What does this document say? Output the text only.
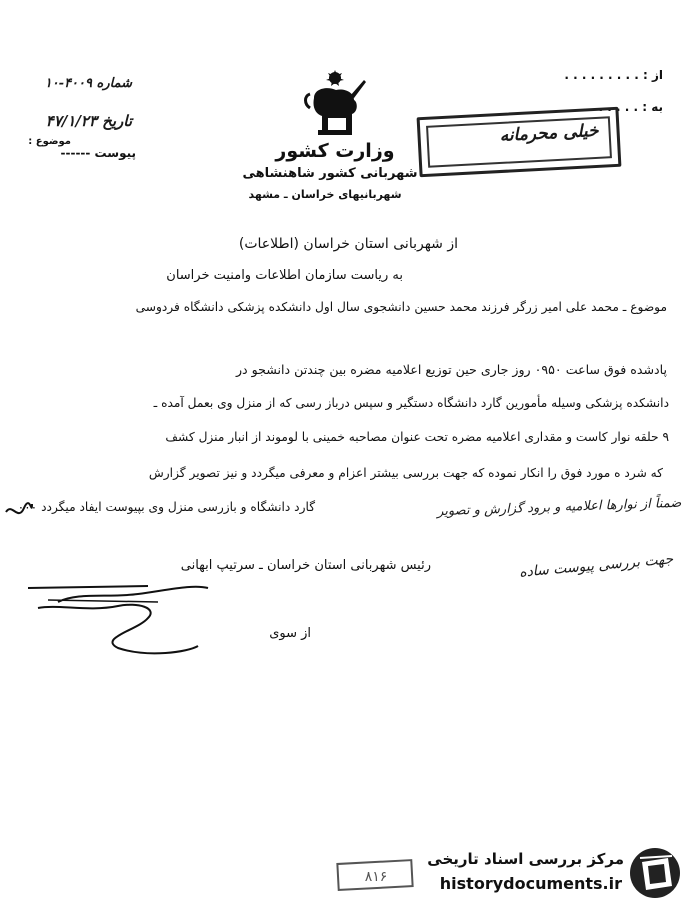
از : . . . . . . . . .
به : . . . . .
موضوع :
شماره ۴۰۰۹-۱۰
تاریخ ۴۷/۱/۲۳
پیوست ------	وزارت کشور
شهربانی کشور شاهنشاهی
شهربانیهای خراسان ـ مشهد
خیلی محرمانه
از شهربانی استان خراسان (اطلاعات)
به ریاست سازمان اطلاعات وامنیت خراسان
موضوع ـ محمد علی امیر زرگر فرزند محمد حسین دانشجوی سال اول دانشکده پزشکی دانشگاه فردوسی
پادشده فوق ساعت ۰۹۵۰ روز جاری حین توزیع اعلامیه مضره بین چندتن دانشجو در
دانشکده پزشکی وسیله مأمورین گارد دانشگاه دستگیر و سپس درباز رسی که از منزل وی بعمل آمده ـ
۹ حلقه نوار کاست و مقداری اعلامیه مضره تحت عنوان مصاحبه خمینی با لوموند از انبار منزل کشف
که شرد ه مورد فوق را انکار نموده که جهت بررسی بیشتر اعزام و معرفی میگردد و نیز تصویر گزارش
گارد دانشگاه و بازرسی منزل وی بپیوست ایفاد میگردد ۰۰۰	ضمناً از نوارها اعلامیه و برود گزارش و تصویر
رئیس شهربانی استان خراسان ـ سرتیپ ابهانی	جهت بررسی پیوست ساده
از سوی
۸۱۶
مرکز بررسی اسناد تاریخی
historydocuments.ir
